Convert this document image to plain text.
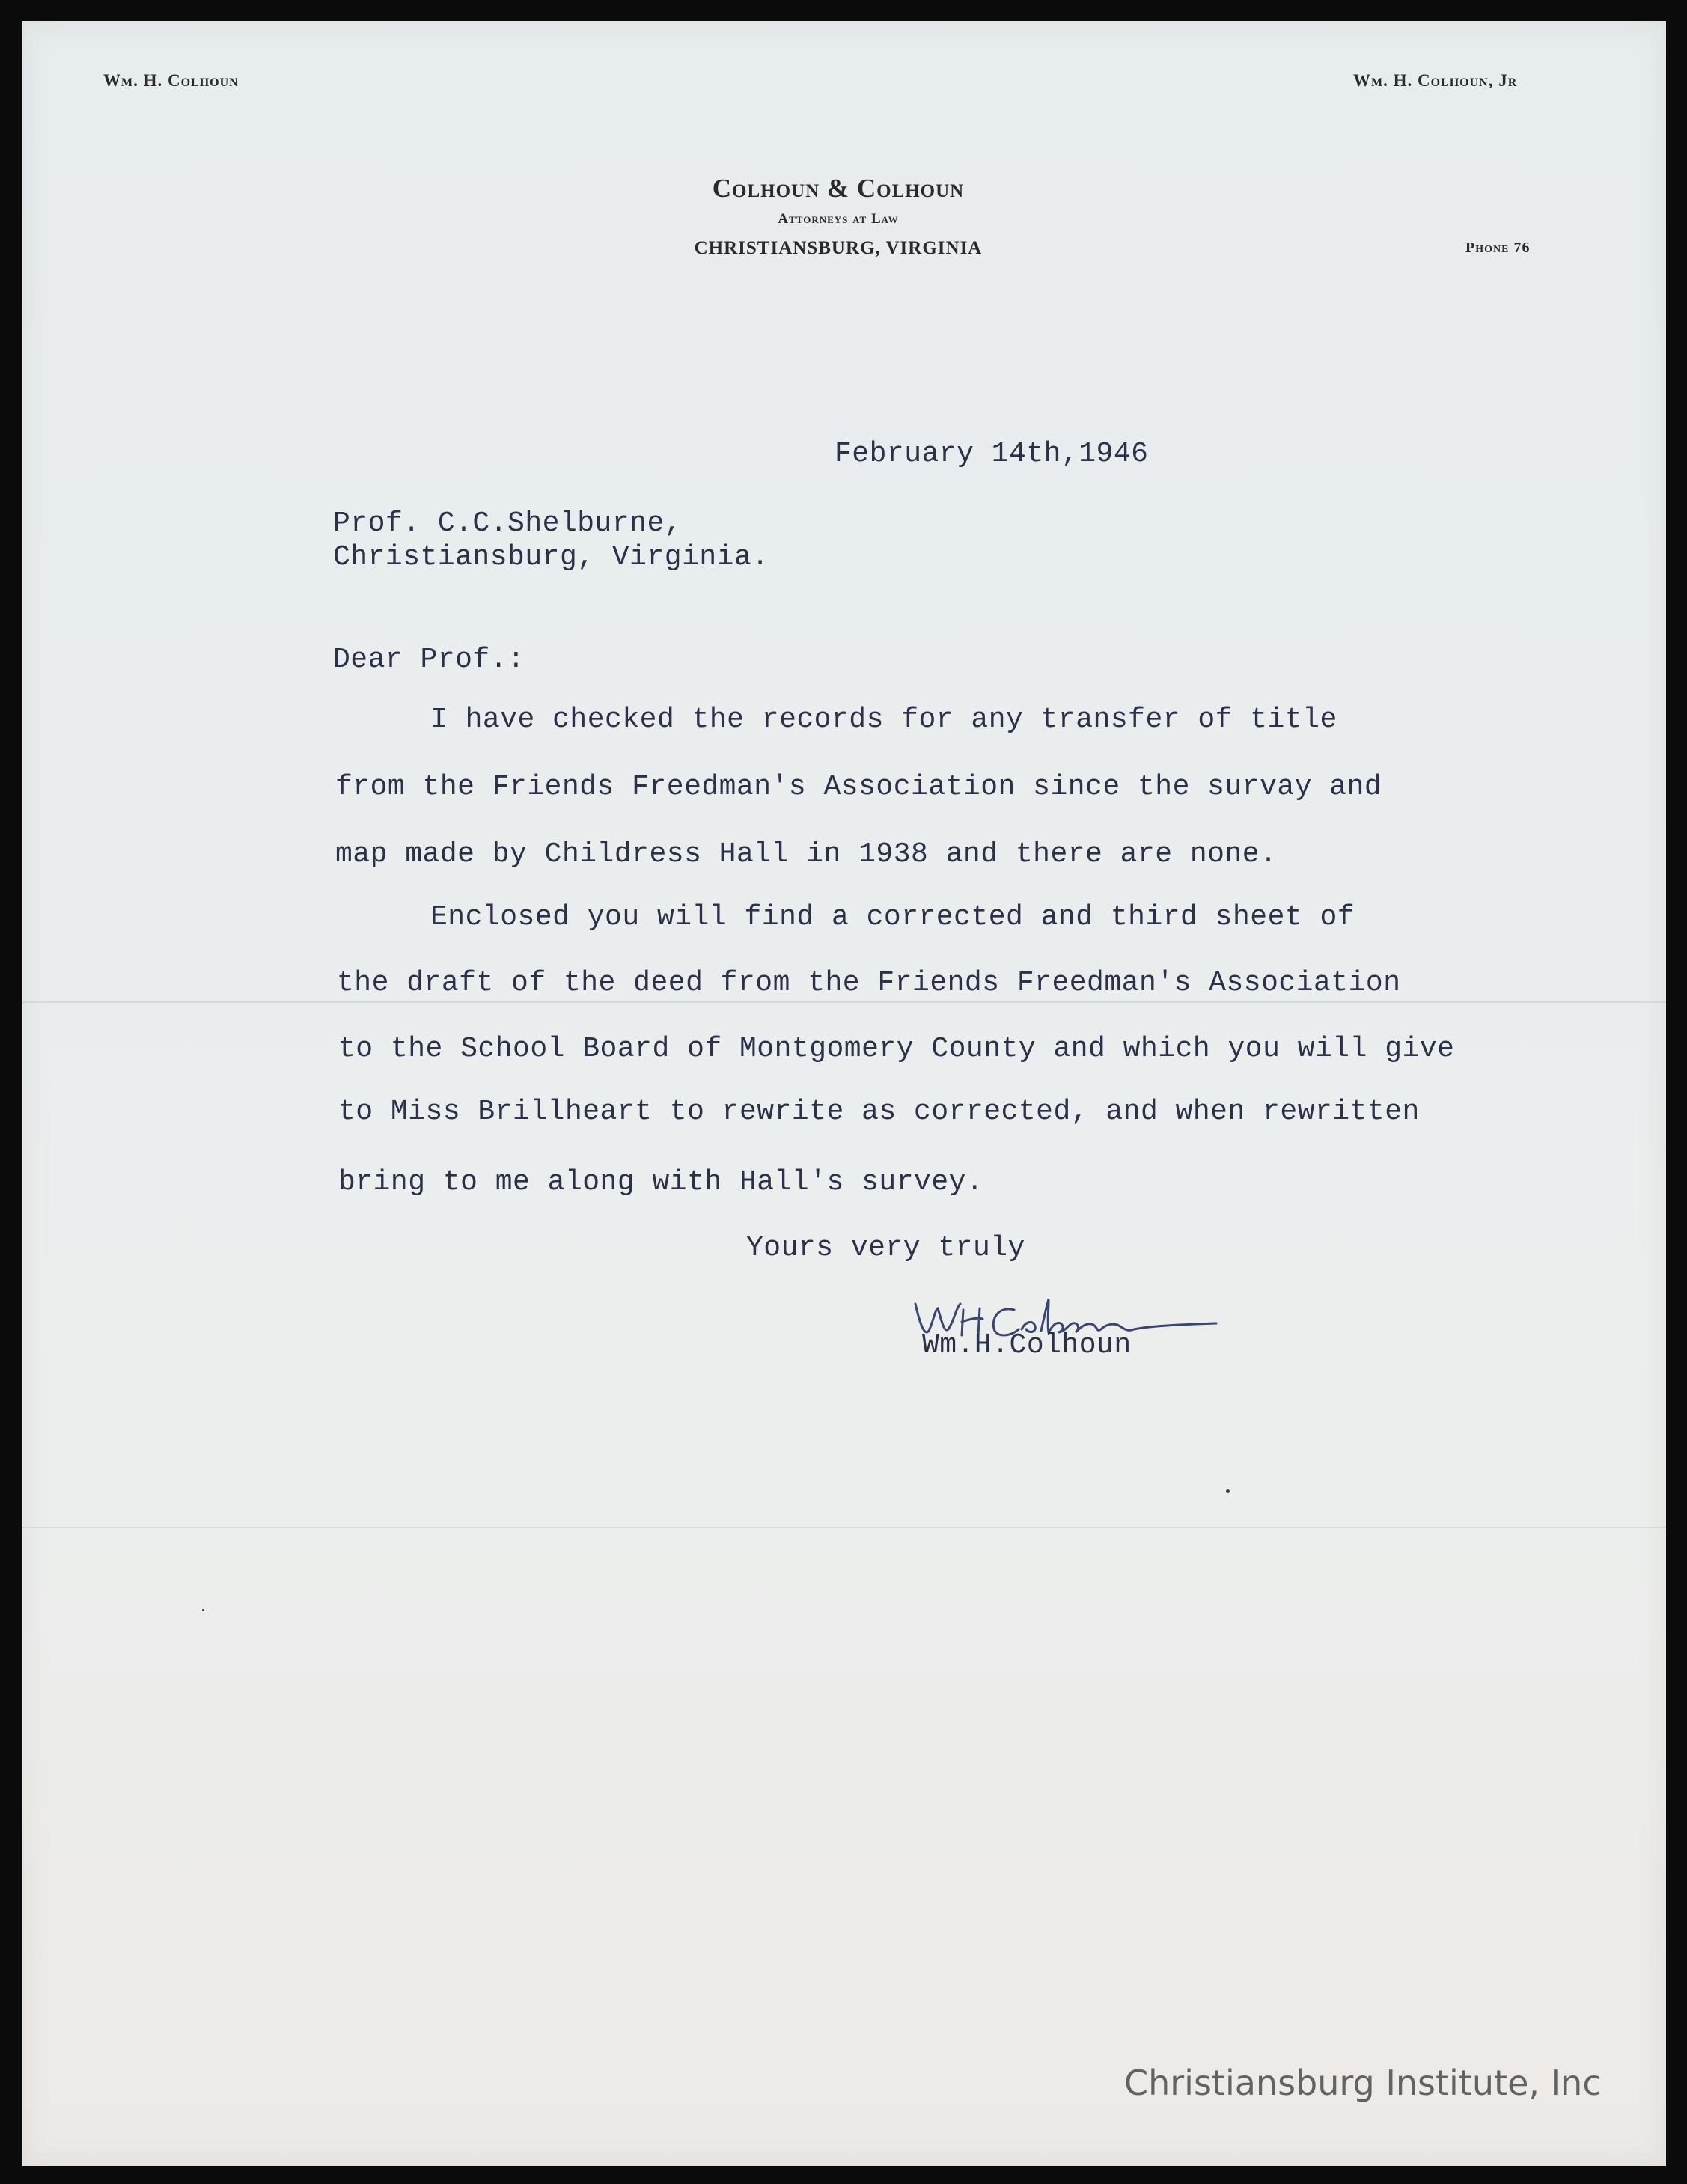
Wm. H. Colhoun	Wm. H. Colhoun, Jr
Colhoun & Colhoun
Attorneys at Law
CHRISTIANSBURG, VIRGINIA	Phone 76
February 14th,1946
Prof. C.C.Shelburne,
Christiansburg, Virginia.
Dear Prof.:
I have checked the records for any transfer of title
from the Friends Freedman's Association since the survay and
map made by Childress Hall in 1938 and there are none.
Enclosed you will find a corrected and third sheet of
the draft of the deed from the Friends Freedman's Association
to the School Board of Montgomery County and which you will give
to Miss Brillheart to rewrite as corrected, and when rewritten
bring to me along with Hall's survey.
Yours very truly
Wm.H.Colhoun
Christiansburg Institute, Inc
